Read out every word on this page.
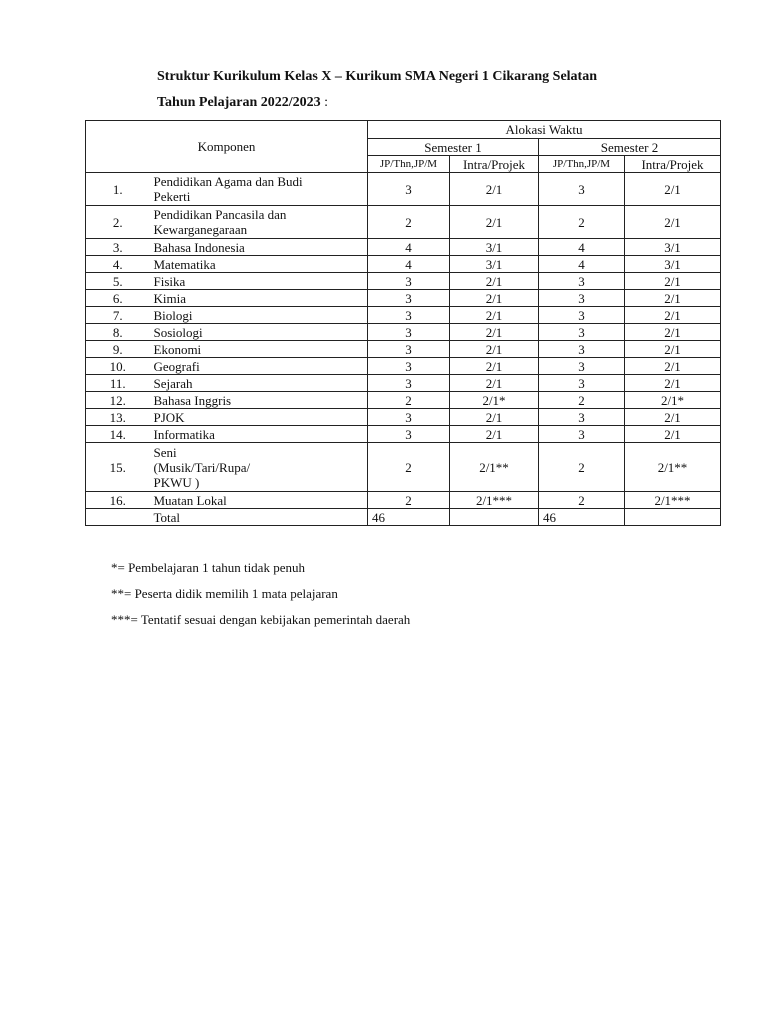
Struktur Kurikulum Kelas X – Kurikum SMA Negeri 1 Cikarang Selatan
Tahun Pelajaran 2022/2023 :
Komponen		Alokasi Waktu			
		Semester 1		Semester 2	
		JP/Thn,JP/M	Intra/Projek	JP/Thn,JP/M	Intra/Projek
1.	Pendidikan Agama dan Budi
Pekerti	3	2/1	3	2/1
2.	Pendidikan Pancasila dan
Kewarganegaraan	2	2/1	2	2/1
3.	Bahasa Indonesia	4	3/1	4	3/1
4.	Matematika	4	3/1	4	3/1
5.	Fisika	3	2/1	3	2/1
6.	Kimia	3	2/1	3	2/1
7.	Biologi	3	2/1	3	2/1
8.	Sosiologi	3	2/1	3	2/1
9.	Ekonomi	3	2/1	3	2/1
10.	Geografi	3	2/1	3	2/1
11.	Sejarah	3	2/1	3	2/1
12.	Bahasa Inggris	2	2/1*	2	2/1*
13.	PJOK	3	2/1	3	2/1
14.	Informatika	3	2/1	3	2/1
15.	Seni
(Musik/Tari/Rupa/
PKWU )	2	2/1**	2	2/1**
16.	Muatan Lokal	2	2/1***	2	2/1***
	Total	46		46	
*= Pembelajaran 1 tahun tidak penuh
**= Peserta didik memilih 1 mata pelajaran
***= Tentatif sesuai dengan kebijakan pemerintah daerah
